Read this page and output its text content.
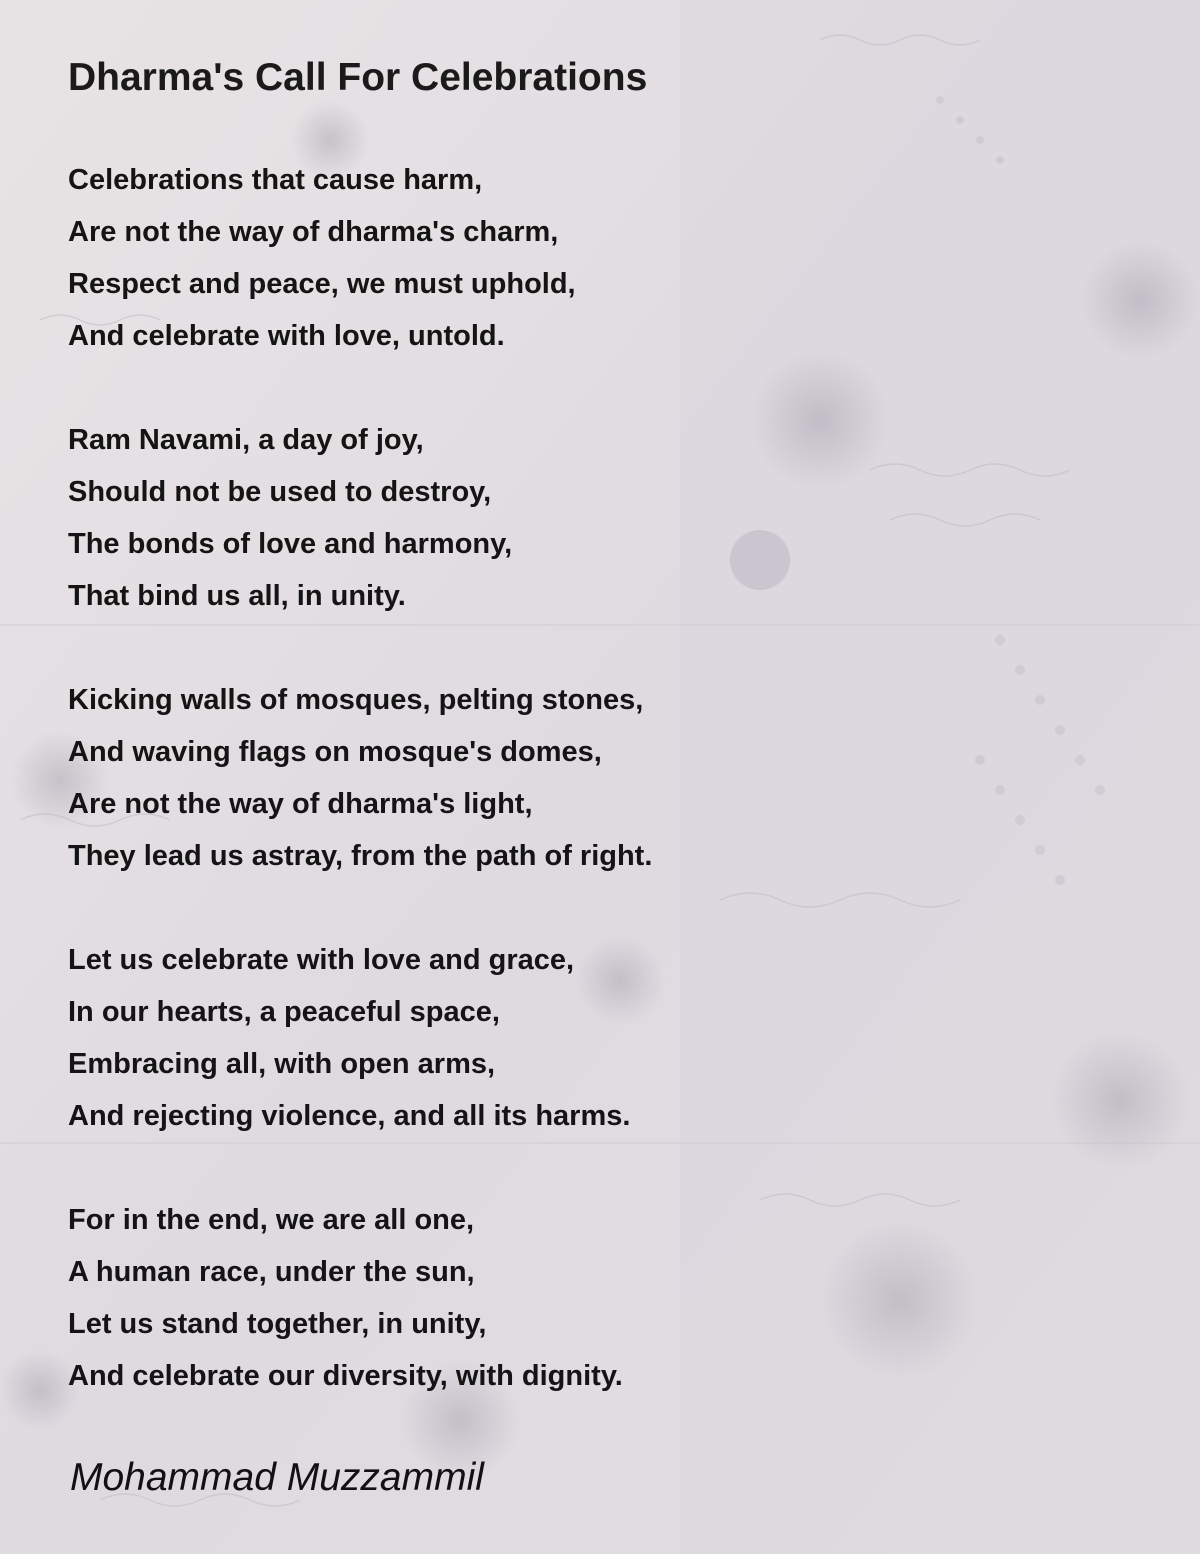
Dharma's Call For Celebrations
Celebrations that cause harm,
Are not the way of dharma's charm,
Respect and peace, we must uphold,
And celebrate with love, untold.
Ram Navami, a day of joy,
Should not be used to destroy,
The bonds of love and harmony,
That bind us all, in unity.
Kicking walls of mosques, pelting stones,
And waving flags on mosque's domes,
Are not the way of dharma's light,
They lead us astray, from the path of right.
Let us celebrate with love and grace,
In our hearts, a peaceful space,
Embracing all, with open arms,
And rejecting violence, and all its harms.
For in the end, we are all one,
A human race, under the sun,
Let us stand together, in unity,
And celebrate our diversity, with dignity.
Mohammad Muzzammil
